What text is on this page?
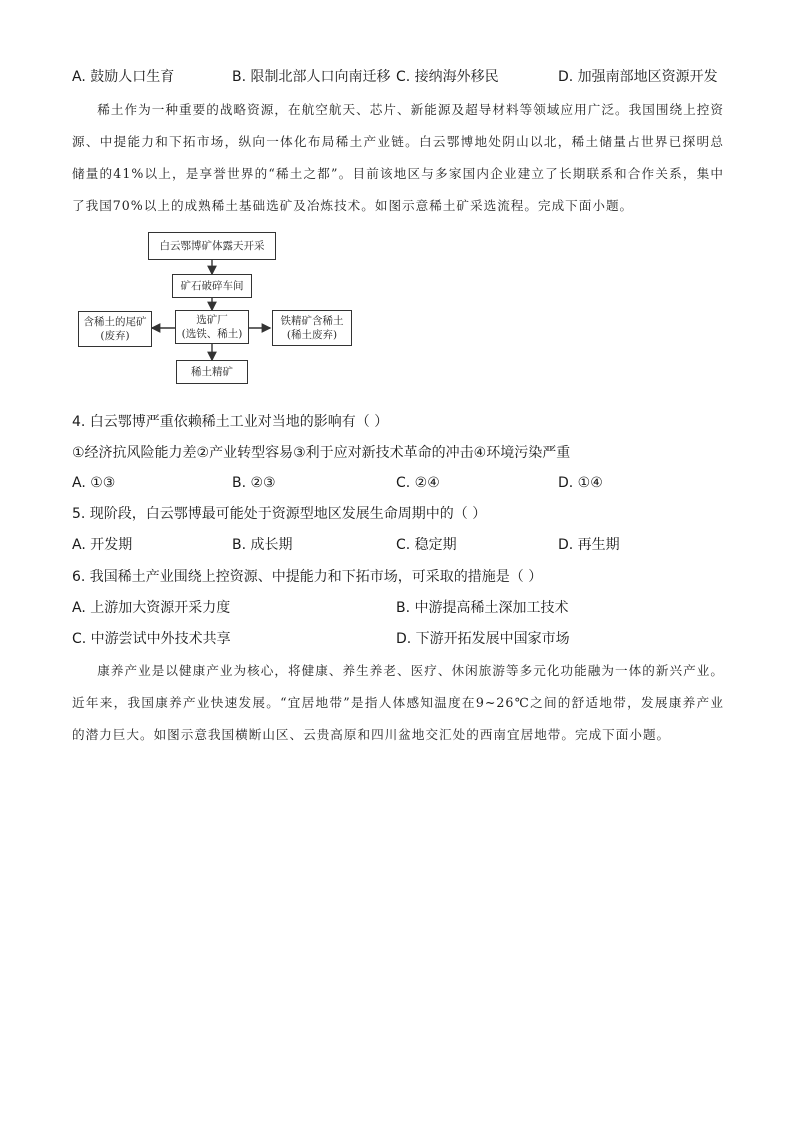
A. 鼓励人口生育	B. 限制北部人口向南迁移 C. 接纳海外移民	D. 加强南部地区资源开发
稀土作为一种重要的战略资源，在航空航天、芯片、新能源及超导材料等领域应用广泛。我国围绕上控资源、中提能力和下拓市场，纵向一体化布局稀土产业链。白云鄂博地处阴山以北，稀土储量占世界已探明总储量的41%以上，是享誉世界的“稀土之都”。目前该地区与多家国内企业建立了长期联系和合作关系，集中了我国70%以上的成熟稀土基础选矿及冶炼技术。如图示意稀土矿采选流程。完成下面小题。
白云鄂博矿体露天开采
矿石破碎车间
选矿厂
(选铁、稀土)
含稀土的尾矿
(废弃)
铁精矿含稀土
(稀土废弃)
稀土精矿
4. 白云鄂博严重依赖稀土工业对当地的影响有（ ）
①经济抗风险能力差②产业转型容易③利于应对新技术革命的冲击④环境污染严重
A. ①③	B. ②③	C. ②④	D. ①④
5. 现阶段，白云鄂博最可能处于资源型地区发展生命周期中的（ ）
A. 开发期	B. 成长期	C. 稳定期	D. 再生期
6. 我国稀土产业围绕上控资源、中提能力和下拓市场，可采取的措施是（ ）
A. 上游加大资源开采力度	B. 中游提高稀土深加工技术
C. 中游尝试中外技术共享	D. 下游开拓发展中国家市场
康养产业是以健康产业为核心，将健康、养生养老、医疗、休闲旅游等多元化功能融为一体的新兴产业。近年来，我国康养产业快速发展。“宜居地带”是指人体感知温度在9~26℃之间的舒适地带，发展康养产业的潜力巨大。如图示意我国横断山区、云贵高原和四川盆地交汇处的西南宜居地带。完成下面小题。
